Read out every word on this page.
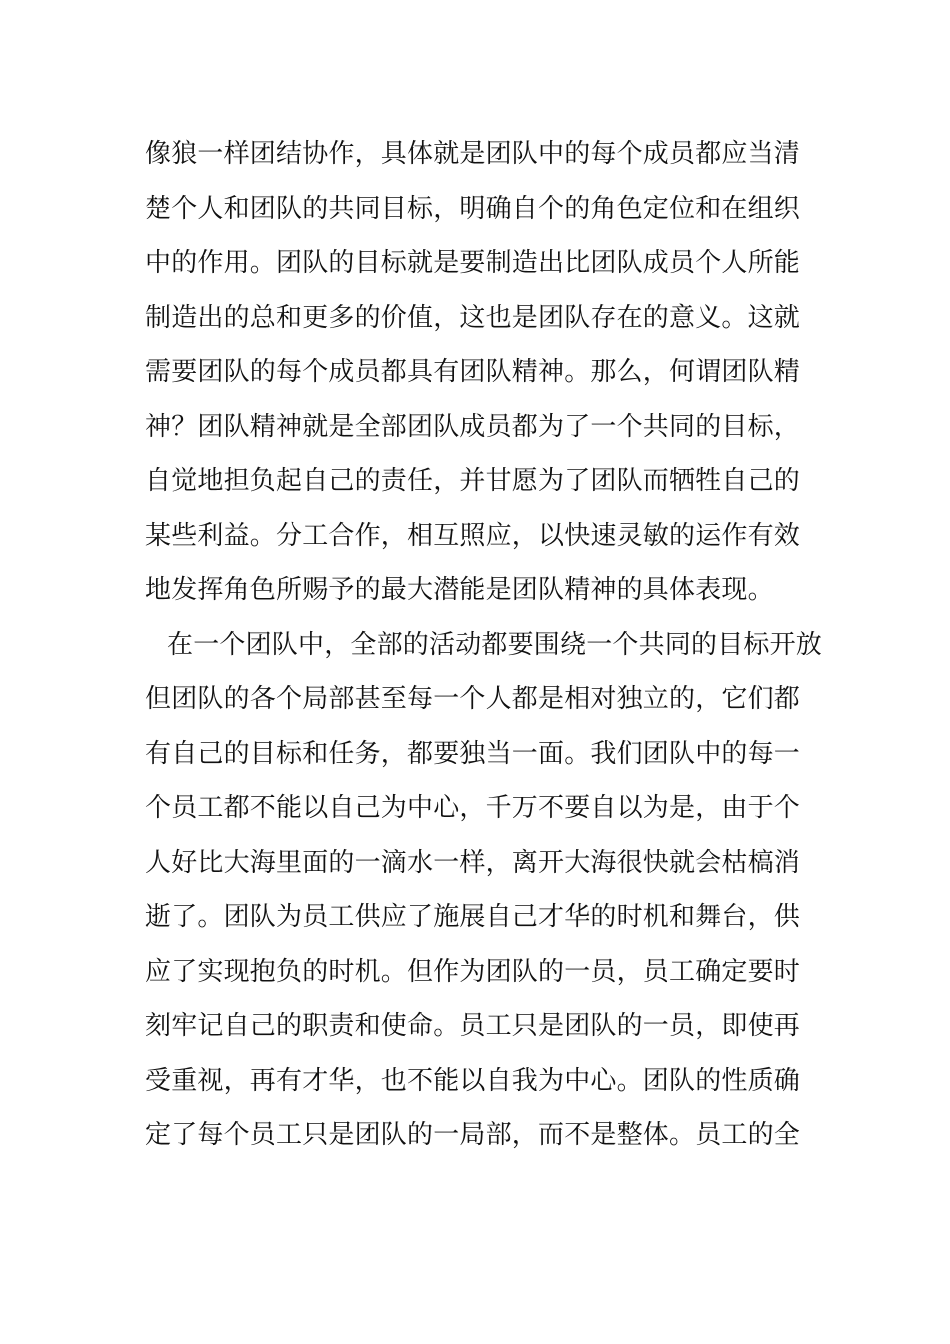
像狼一样团结协作，具体就是团队中的每个成员都应当清
楚个人和团队的共同目标，明确自个的角色定位和在组织
中的作用。团队的目标就是要制造出比团队成员个人所能
制造出的总和更多的价值，这也是团队存在的意义。这就
需要团队的每个成员都具有团队精神。那么，何谓团队精
神？团队精神就是全部团队成员都为了一个共同的目标，
自觉地担负起自己的责任，并甘愿为了团队而牺牲自己的
某些利益。分工合作，相互照应，以快速灵敏的运作有效
地发挥角色所赐予的最大潜能是团队精神的具体表现。
在一个团队中，全部的活动都要围绕一个共同的目标开放
但团队的各个局部甚至每一个人都是相对独立的，它们都
有自己的目标和任务，都要独当一面。我们团队中的每一
个员工都不能以自己为中心，千万不要自以为是，由于个
人好比大海里面的一滴水一样，离开大海很快就会枯槁消
逝了。团队为员工供应了施展自己才华的时机和舞台，供
应了实现抱负的时机。但作为团队的一员，员工确定要时
刻牢记自己的职责和使命。员工只是团队的一员，即使再
受重视，再有才华，也不能以自我为中心。团队的性质确
定了每个员工只是团队的一局部，而不是整体。员工的全
